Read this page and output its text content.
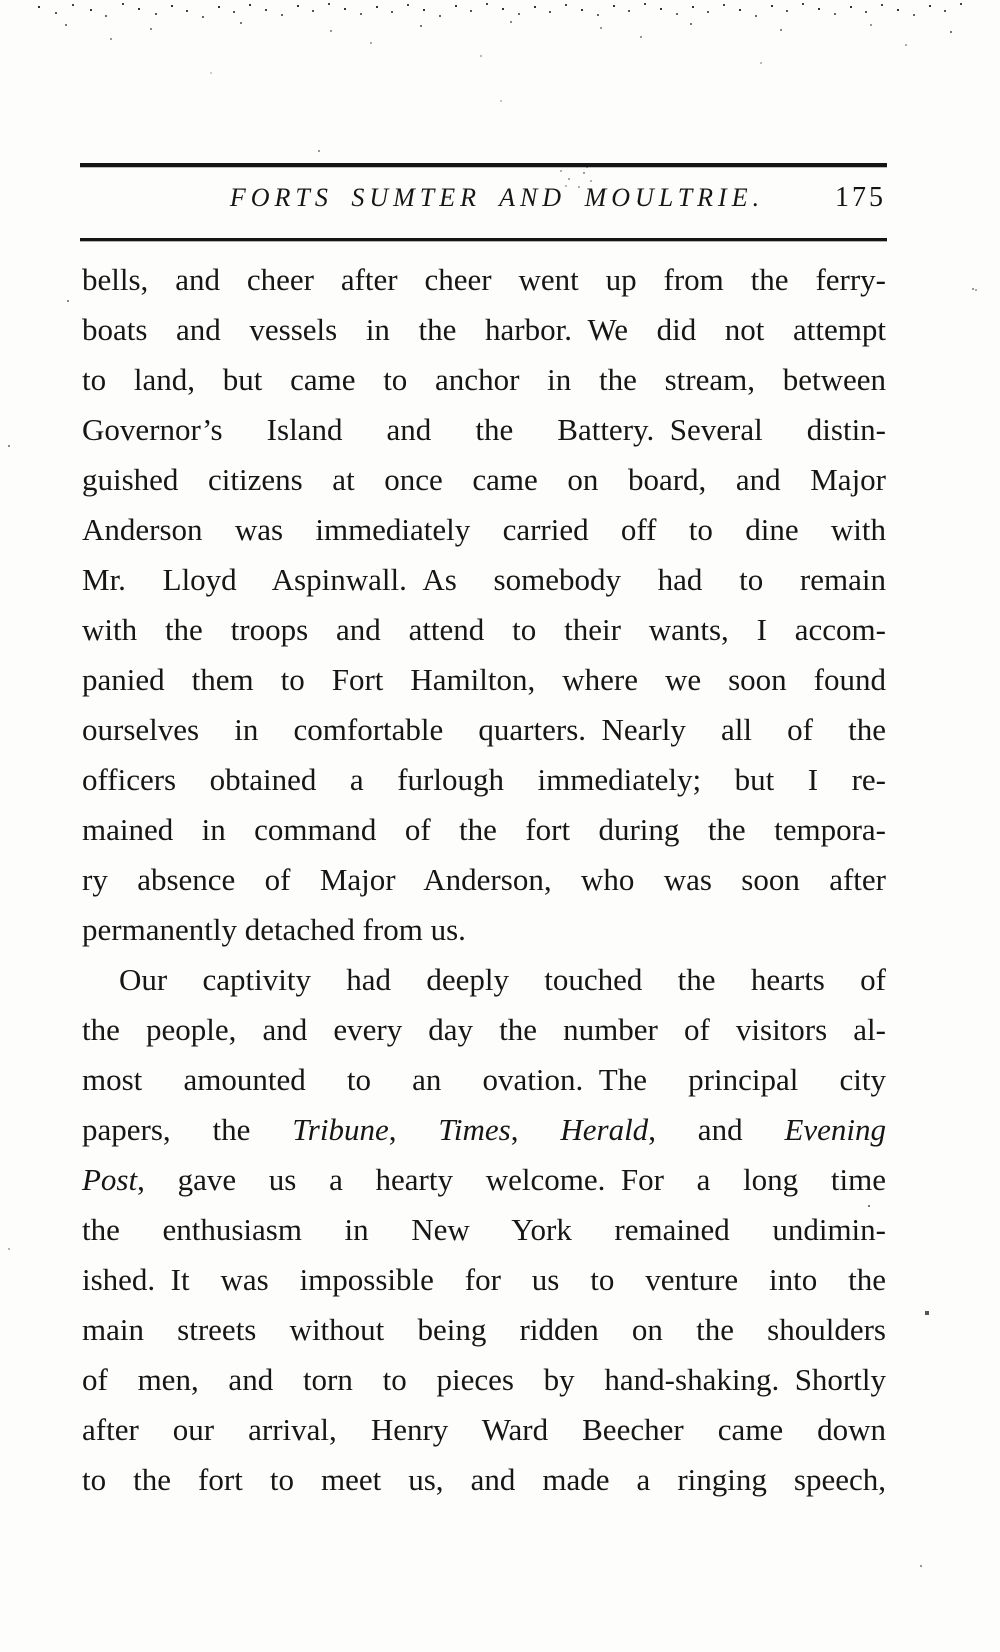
FORTS SUMTER AND MOULTRIE.	175
bells, and cheer after cheer went up from the ferry-
boats and vessels in the harbor. We did not attempt
to land, but came to anchor in the stream, between
Governor’s Island and the Battery. Several distin-
guished citizens at once came on board, and Major
Anderson was immediately carried off to dine with
Mr. Lloyd Aspinwall. As somebody had to remain
with the troops and attend to their wants, I accom-
panied them to Fort Hamilton, where we soon found
ourselves in comfortable quarters. Nearly all of the
officers obtained a furlough immediately; but I re-
mained in command of the fort during the tempora-
ry absence of Major Anderson, who was soon after
permanently detached from us.
Our captivity had deeply touched the hearts of
the people, and every day the number of visitors al-
most amounted to an ovation. The principal city
papers, the Tribune, Times, Herald, and Evening
Post, gave us a hearty welcome. For a long time
the enthusiasm in New York remained undimin-
ished. It was impossible for us to venture into the
main streets without being ridden on the shoulders
of men, and torn to pieces by hand-shaking. Shortly
after our arrival, Henry Ward Beecher came down
to the fort to meet us, and made a ringing speech,
